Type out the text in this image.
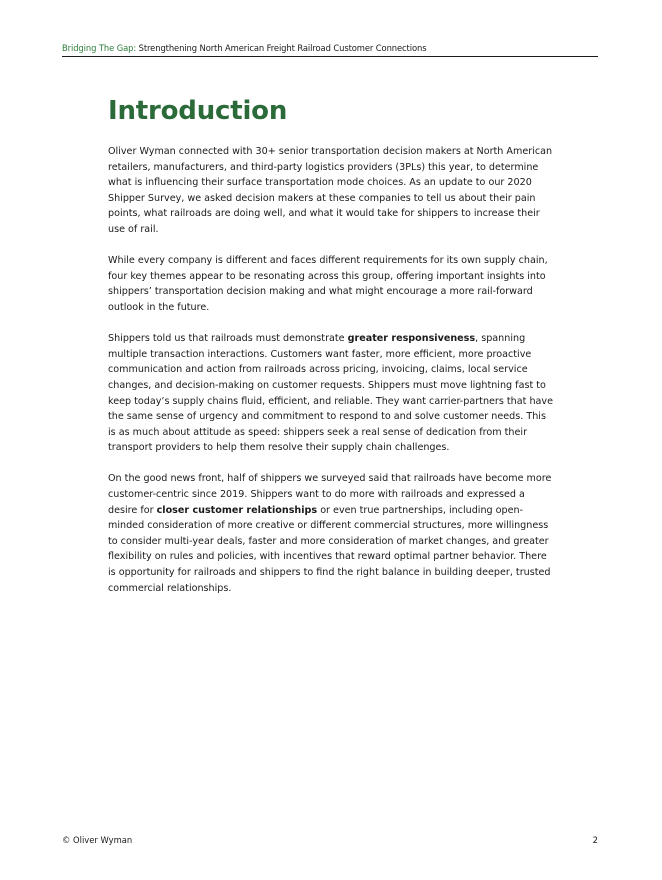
Bridging The Gap: Strengthening North American Freight Railroad Customer Connections
Introduction

Oliver Wyman connected with 30+ senior transportation decision makers at North American retailers, manufacturers, and third-party logistics providers (3PLs) this year, to determine what is influencing their surface transportation mode choices. As an update to our 2020 Shipper Survey, we asked decision makers at these companies to tell us about their pain points, what railroads are doing well, and what it would take for shippers to increase their use of rail.

While every company is different and faces different requirements for its own supply chain, four key themes appear to be resonating across this group, offering important insights into shippers’ transportation decision making and what might encourage a more rail-forward outlook in the future.

Shippers told us that railroads must demonstrate greater responsiveness, spanning multiple transaction interactions. Customers want faster, more efficient, more proactive communication and action from railroads across pricing, invoicing, claims, local service changes, and decision-making on customer requests. Shippers must move lightning fast to keep today’s supply chains fluid, efficient, and reliable. They want carrier-partners that have the same sense of urgency and commitment to respond to and solve customer needs. This is as much about attitude as speed: shippers seek a real sense of dedication from their transport providers to help them resolve their supply chain challenges.

On the good news front, half of shippers we surveyed said that railroads have become more customer-centric since 2019. Shippers want to do more with railroads and expressed a desire for closer customer relationships or even true partnerships, including open-minded consideration of more creative or different commercial structures, more willingness to consider multi-year deals, faster and more consideration of market changes, and greater flexibility on rules and policies, with incentives that reward optimal partner behavior. There is opportunity for railroads and shippers to find the right balance in building deeper, trusted commercial relationships.

© Oliver Wyman	2
